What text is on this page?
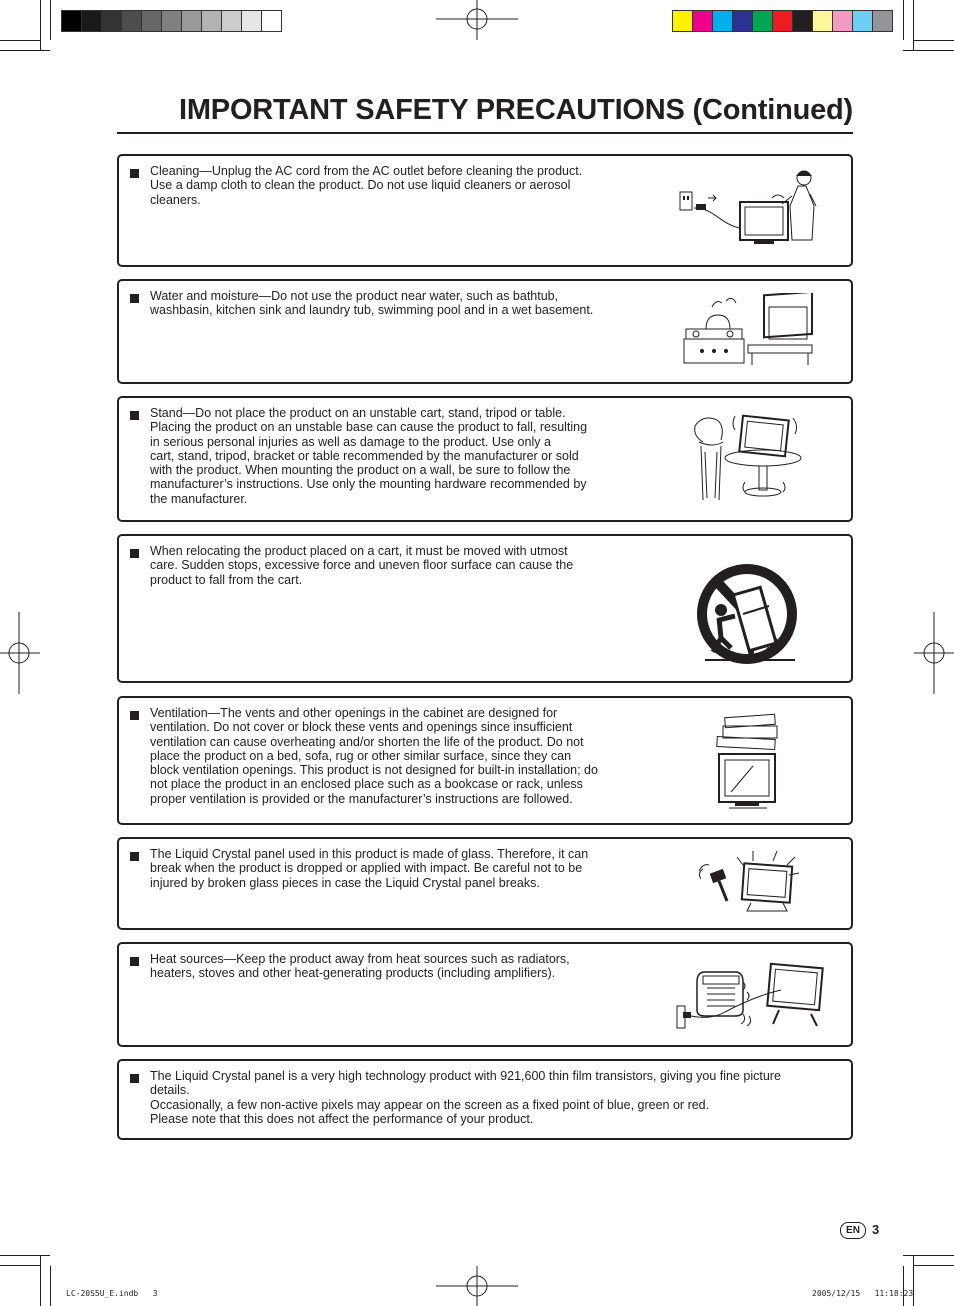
IMPORTANT SAFETY PRECAUTIONS (Continued)
Cleaning—Unplug the AC cord from the AC outlet before cleaning the product.
Use a damp cloth to clean the product. Do not use liquid cleaners or aerosol
cleaners.
Water and moisture—Do not use the product near water, such as bathtub,
washbasin, kitchen sink and laundry tub, swimming pool and in a wet basement.
Stand—Do not place the product on an unstable cart, stand, tripod or table.
Placing the product on an unstable base can cause the product to fall, resulting
in serious personal injuries as well as damage to the product. Use only a
cart, stand, tripod, bracket or table recommended by the manufacturer or sold
with the product. When mounting the product on a wall, be sure to follow the
manufacturer’s instructions. Use only the mounting hardware recommended by
the manufacturer.
When relocating the product placed on a cart, it must be moved with utmost
care. Sudden stops, excessive force and uneven floor surface can cause the
product to fall from the cart.
Ventilation—The vents and other openings in the cabinet are designed for
ventilation. Do not cover or block these vents and openings since insufficient
ventilation can cause overheating and/or shorten the life of the product. Do not
place the product on a bed, sofa, rug or other similar surface, since they can
block ventilation openings. This product is not designed for built-in installation; do
not place the product in an enclosed place such as a bookcase or rack, unless
proper ventilation is provided or the manufacturer’s instructions are followed.
The Liquid Crystal panel used in this product is made of glass. Therefore, it can
break when the product is dropped or applied with impact. Be careful not to be
injured by broken glass pieces in case the Liquid Crystal panel breaks.
Heat sources—Keep the product away from heat sources such as radiators,
heaters, stoves and other heat-generating products (including amplifiers).
The Liquid Crystal panel is a very high technology product with 921,600 thin film transistors, giving you fine picture
details.
Occasionally, a few non-active pixels may appear on the screen as a fixed point of blue, green or red.
Please note that this does not affect the performance of your product.
EN 3
LC-20S5U_E.indb   3	2005/12/15   11:18:23
